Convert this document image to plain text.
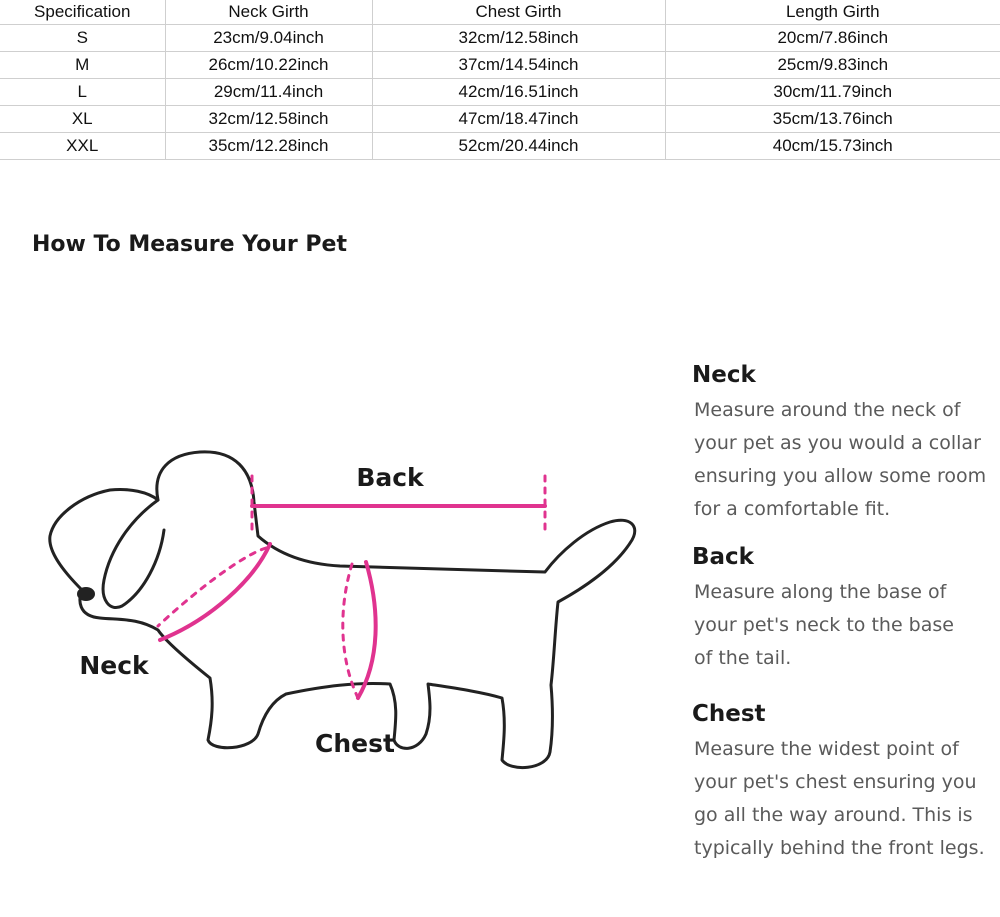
Specification	Neck Girth	Chest Girth	Length Girth
S	23cm/9.04inch	32cm/12.58inch	20cm/7.86inch
M	26cm/10.22inch	37cm/14.54inch	25cm/9.83inch
L	29cm/11.4inch	42cm/16.51inch	30cm/11.79inch
XL	32cm/12.58inch	47cm/18.47inch	35cm/13.76inch
XXL	35cm/12.28inch	52cm/20.44inch	40cm/15.73inch
How To Measure Your Pet
Back
Neck
Chest
Neck

Measure around the neck of
your pet as you would a collar
ensuring you allow some room
for a comfortable fit.

Back

Measure along the base of
your pet's neck to the base
of the tail.

Chest

Measure the widest point of
your pet's chest ensuring you
go all the way around. This is
typically behind the front legs.
